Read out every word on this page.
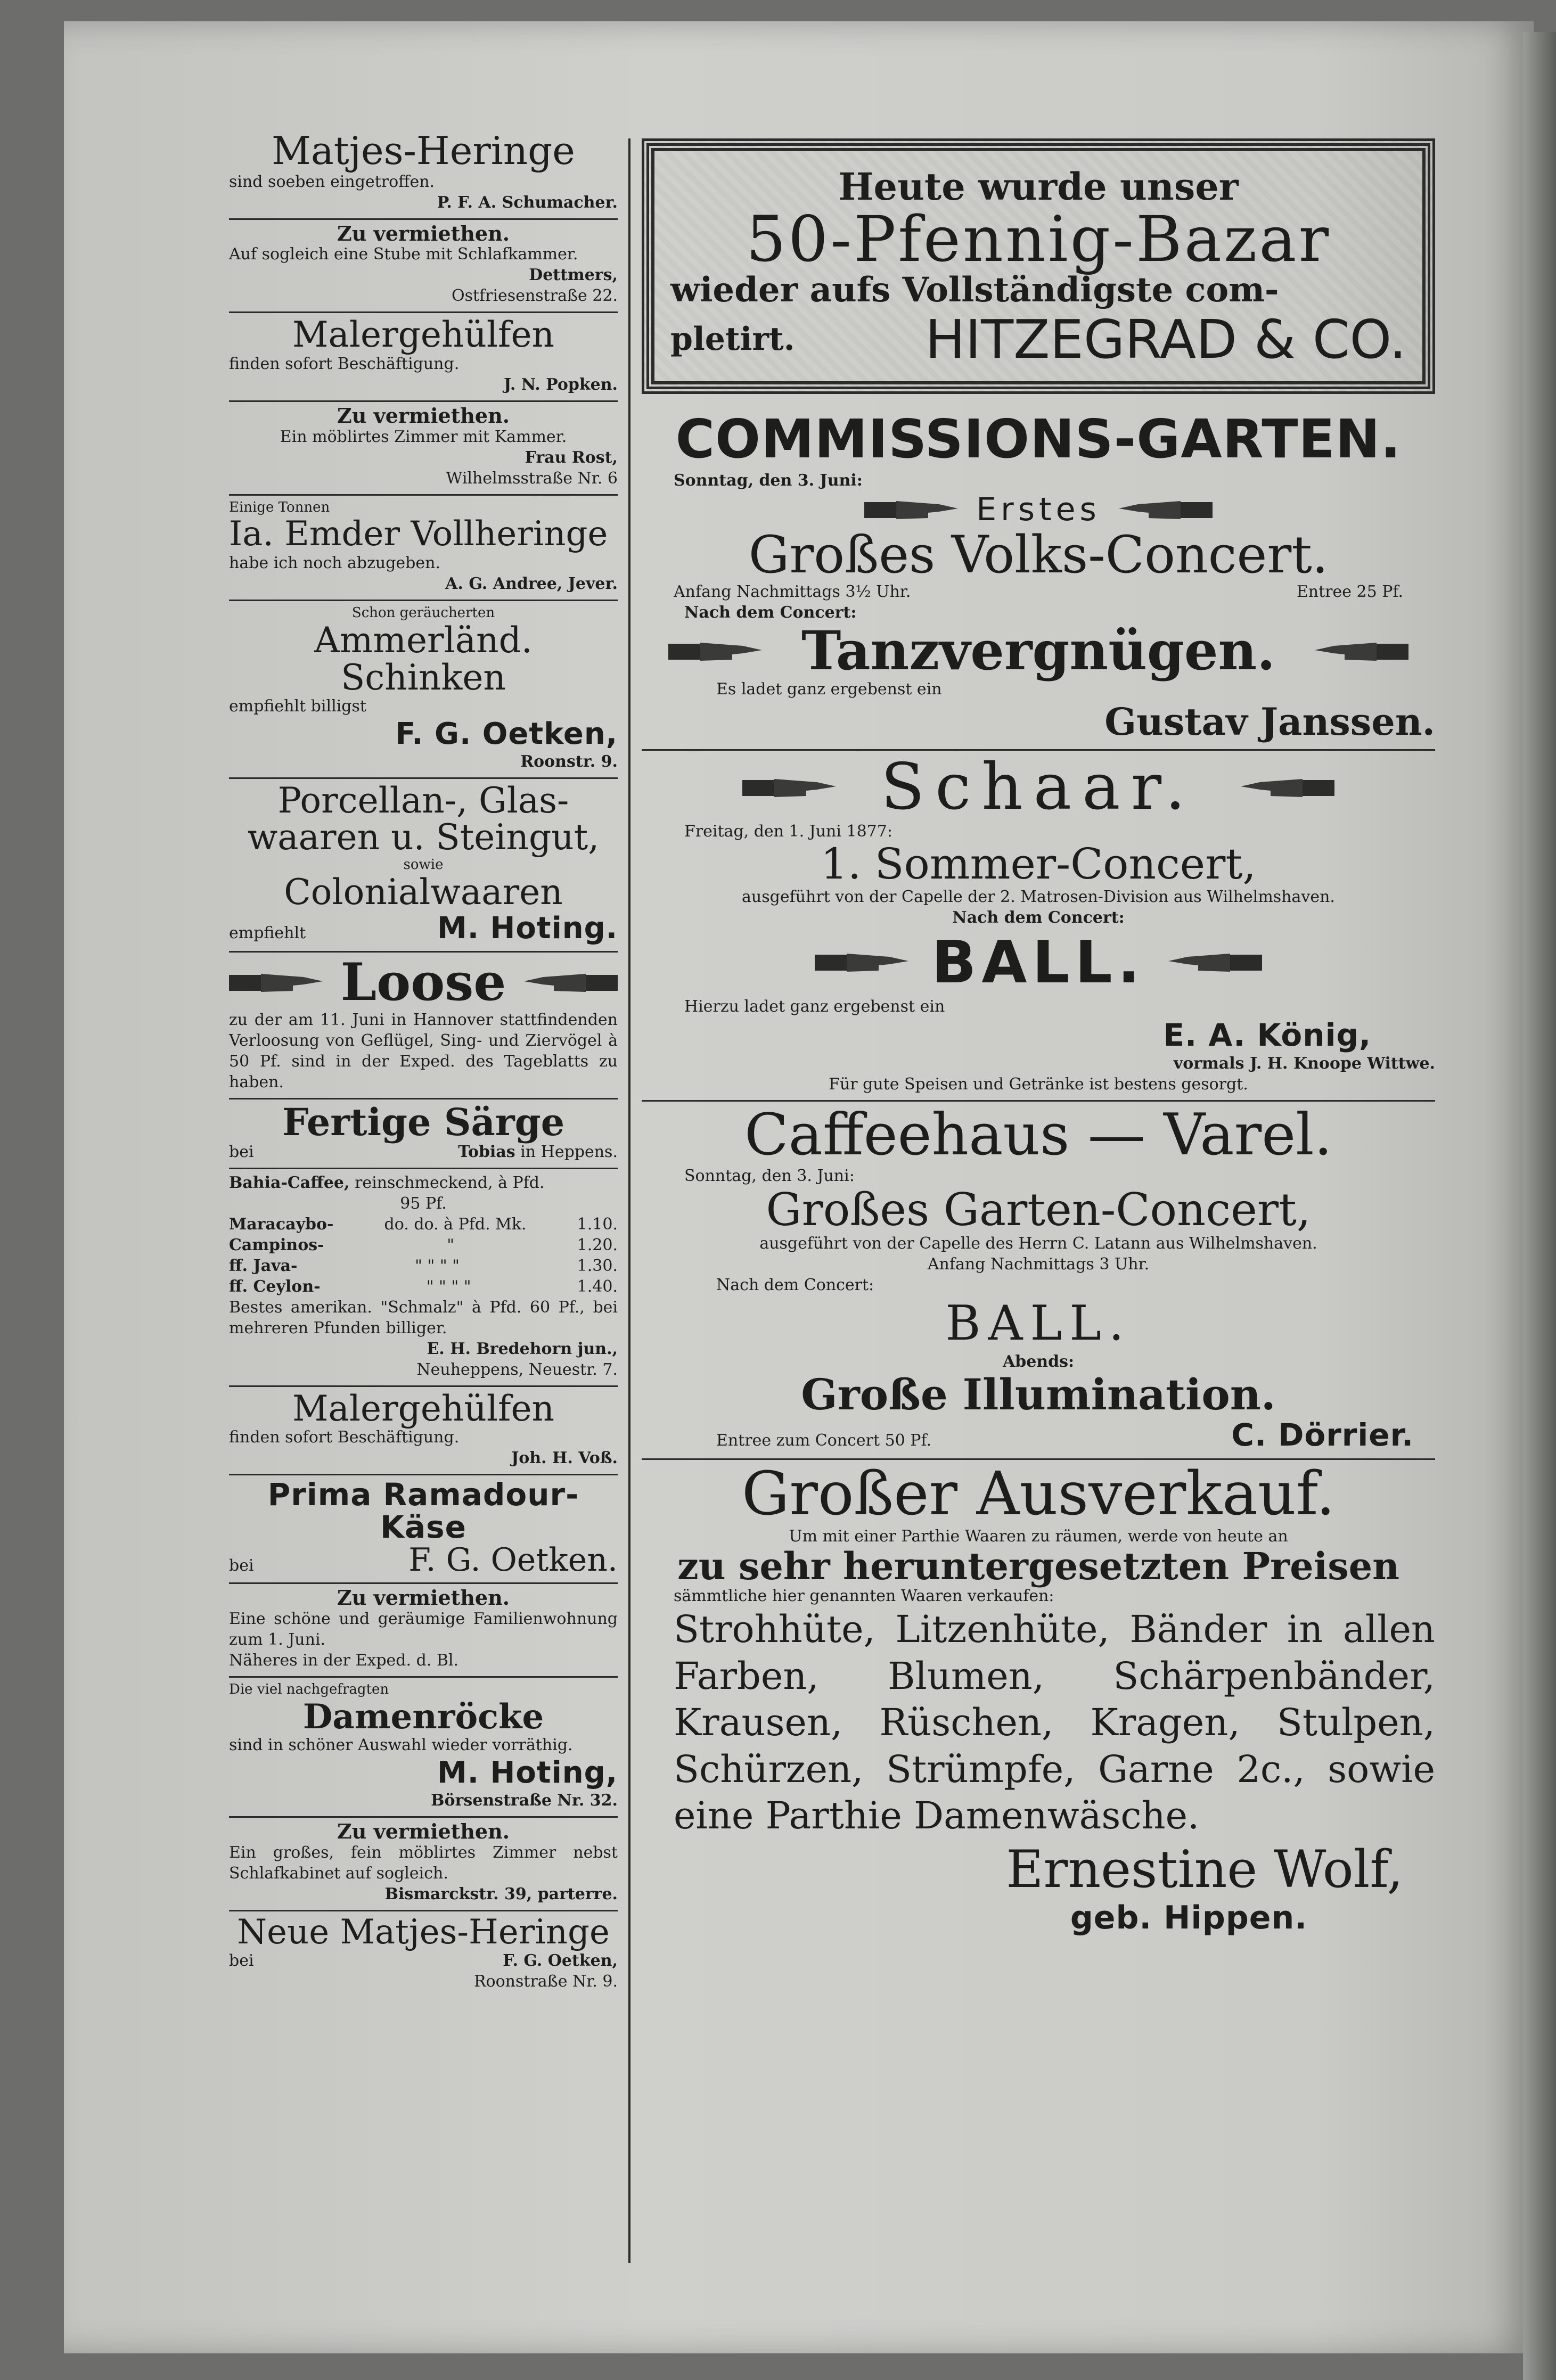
Matjes-Heringe
sind soeben eingetroffen.
P. F. A. Schumacher.
Zu vermiethen.
Auf sogleich eine Stube mit Schlafkammer.
Dettmers,
Ostfriesenstraße 22.
Malergehülfen
finden sofort Beschäftigung.
J. N. Popken.
Zu vermiethen.
Ein möblirtes Zimmer mit Kammer.
Frau Rost,
Wilhelmsstraße Nr. 6
Einige Tonnen
Ia. Emder Vollheringe
habe ich noch abzugeben.
A. G. Andree, Jever.
Schon geräucherten
Ammerländ. Schinken
empfiehlt billigst
F. G. Oetken,
Roonstr. 9.
Porcellan-, Glas-
waaren u. Steingut,
sowie
Colonialwaaren
empfiehlt	M. Hoting.
Loose
zu der am 11. Juni in Hannover stattfindenden Verloosung von Geflügel, Sing- und Ziervögel à 50 Pf. sind in der Exped. des Tageblatts zu haben.
Fertige Särge
bei	Tobias in Heppens.
Bahia-Caffee, reinschmeckend, à Pfd.
95 Pf.
Maracaybo-	do. do. à Pfd. Mk.	1.10.
Campinos-	"	1.20.
ff. Java-	" " " "	1.30.
ff. Ceylon-	" " " "	1.40.
Bestes amerikan. "Schmalz" à Pfd. 60 Pf., bei mehreren Pfunden billiger.
E. H. Bredehorn jun.,
Neuheppens, Neuestr. 7.
Malergehülfen
finden sofort Beschäftigung.
Joh. H. Voß.
Prima Ramadour-Käse
bei	F. G. Oetken.
Zu vermiethen.
Eine schöne und geräumige Familienwohnung zum 1. Juni.
Näheres in der Exped. d. Bl.
Die viel nachgefragten
Damenröcke
sind in schöner Auswahl wieder vorräthig.
M. Hoting,
Börsenstraße Nr. 32.
Zu vermiethen.
Ein großes, fein möblirtes Zimmer nebst Schlafkabinet auf sogleich.
Bismarckstr. 39, parterre.
Neue Matjes-Heringe
bei	F. G. Oetken,
Roonstraße Nr. 9.
Heute wurde unser
50-Pfennig-Bazar
wieder aufs Vollständigste com-
pletirt. HITZEGRAD & CO.
COMMISSIONS-GARTEN.
Sonntag, den 3. Juni:
Erstes
Großes Volks-Concert.
Anfang Nachmittags 3½ Uhr.	Entree 25 Pf.
Nach dem Concert:
Tanzvergnügen.
Es ladet ganz ergebenst ein
Gustav Janssen.
Schaar.
Freitag, den 1. Juni 1877:
1. Sommer-Concert,
ausgeführt von der Capelle der 2. Matrosen-Division aus Wilhelmshaven.
Nach dem Concert:
BALL.
Hierzu ladet ganz ergebenst ein
E. A. König,
vormals J. H. Knoope Wittwe.
Für gute Speisen und Getränke ist bestens gesorgt.
Caffeehaus — Varel.
Sonntag, den 3. Juni:
Großes Garten-Concert,
ausgeführt von der Capelle des Herrn C. Latann aus Wilhelmshaven.
Anfang Nachmittags 3 Uhr.
Nach dem Concert:
BALL.
Abends:
Große Illumination.
Entree zum Concert 50 Pf.	C. Dörrier.
Großer Ausverkauf.
Um mit einer Parthie Waaren zu räumen, werde von heute an
zu sehr heruntergesetzten Preisen
sämmtliche hier genannten Waaren verkaufen:
Strohhüte, Litzenhüte, Bänder in allen Farben, Blumen, Schärpenbänder, Krausen, Rüschen, Kragen, Stulpen, Schürzen, Strümpfe, Garne 2c., sowie eine Parthie Damenwäsche.
Ernestine Wolf,
geb. Hippen.
